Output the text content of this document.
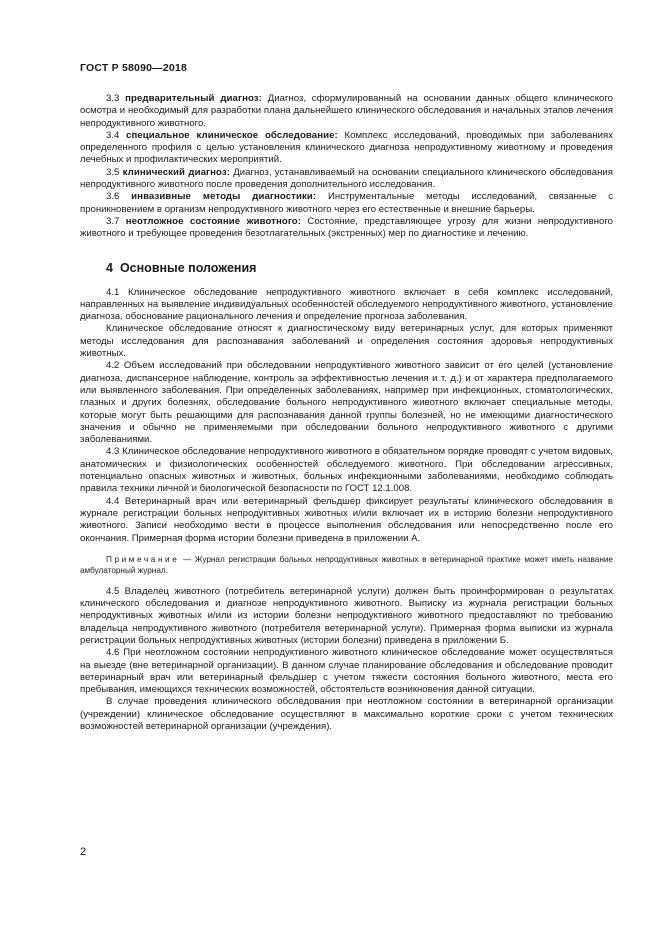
ГОСТ Р 58090—2018

3.3 предварительный диагноз: Диагноз, сформулированный на основании данных общего клинического осмотра и необходимый для разработки плана дальнейшего клинического обследования и начальных этапов лечения непродуктивного животного.

3.4 специальное клиническое обследование: Комплекс исследований, проводимых при заболеваниях определенного профиля с целью установления клинического диагноза непродуктивному животному и проведения лечебных и профилактических мероприятий.

3.5 клинический диагноз: Диагноз, устанавливаемый на основании специального клинического обследования непродуктивного животного после проведения дополнительного исследования.

3.6 инвазивные методы диагностики: Инструментальные методы исследований, связанные с проникновением в организм непродуктивного животного через его естественные и внешние барьеры.

3.7 неотложное состояние животного: Состояние, представляющее угрозу для жизни непродуктивного животного и требующее проведения безотлагательных (экстренных) мер по диагностике и лечению.

4 Основные положения

4.1 Клиническое обследование непродуктивного животного включает в себя комплекс исследований, направленных на выявление индивидуальных особенностей обследуемого непродуктивного животного, установление диагноза, обоснование рационального лечения и определение прогноза заболевания.

Клиническое обследование относят к диагностическому виду ветеринарных услуг, для которых применяют методы исследования для распознавания заболеваний и определения состояния здоровья непродуктивных животных.

4.2 Объем исследований при обследовании непродуктивного животного зависит от его целей (установление диагноза, диспансерное наблюдение, контроль за эффективностью лечения и т. д.) и от характера предполагаемого или выявленного заболевания. При определенных заболеваниях, например при инфекционных, стоматологических, глазных и других болезнях, обследование больного непродуктивного животного включает специальные методы, которые могут быть решающими для распознавания данной группы болезней, но не имеющими диагностического значения и обычно не применяемыми при обследовании больного непродуктивного животного с другими заболеваниями.

4.3 Клиническое обследование непродуктивного животного в обязательном порядке проводят с учетом видовых, анатомических и физиологических особенностей обследуемого животного. При обследовании агрессивных, потенциально опасных животных и животных, больных инфекционными заболеваниями, необходимо соблюдать правила техники личной и биологической безопасности по ГОСТ 12.1.008.

4.4 Ветеринарный врач или ветеринарный фельдшер фиксирует результаты клинического обследования в журнале регистрации больных непродуктивных животных и/или включает их в историю болезни непродуктивного животного. Записи необходимо вести в процессе выполнения обследования или непосредственно после его окончания. Примерная форма истории болезни приведена в приложении А.

Примечание — Журнал регистрации больных непродуктивных животных в ветеринарной практике может иметь название амбулаторный журнал.

4.5 Владелец животного (потребитель ветеринарной услуги) должен быть проинформирован о результатах клинического обследования и диагнозе непродуктивного животного. Выписку из журнала регистрации больных непродуктивных животных и/или из истории болезни непродуктивного животного предоставляют по требованию владельца непродуктивного животного (потребителя ветеринарной услуги). Примерная форма выписки из журнала регистрации больных непродуктивных животных (истории болезни) приведена в приложении Б.

4.6 При неотложном состоянии непродуктивного животного клиническое обследование может осуществляться на выезде (вне ветеринарной организации). В данном случае планирование обследования и обследование проводит ветеринарный врач или ветеринарный фельдшер с учетом тяжести состояния больного животного, места его пребывания, имеющихся технических возможностей, обстоятельств возникновения данной ситуации.

В случае проведения клинического обследования при неотложном состоянии в ветеринарной организации (учреждении) клиническое обследование осуществляют в максимально короткие сроки с учетом технических возможностей ветеринарной организации (учреждения).

2
